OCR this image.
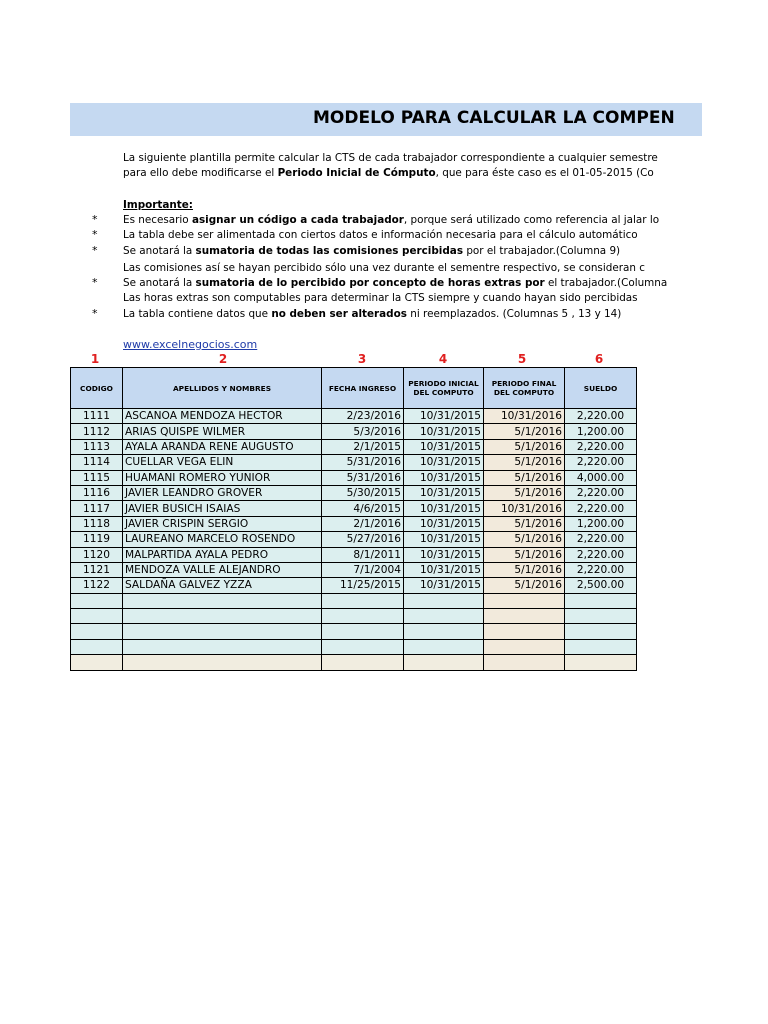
MODELO PARA CALCULAR LA COMPEN
La siguiente plantilla permite calcular la CTS de cada trabajador correspondiente a cualquier semestre
para ello debe modificarse el Periodo Inicial de Cómputo, que para éste caso es el 01-05-2015 (Co
Importante:
* Es necesario asignar un código a cada trabajador, porque será utilizado como referencia al jalar lo
* La tabla debe ser alimentada con ciertos datos e información necesaria para el cálculo automático
* Se anotará la sumatoria de todas las comisiones percibidas por el trabajador.(Columna 9)
Las comisiones así se hayan percibido sólo una vez durante el sementre respectivo, se consideran c
* Se anotará la sumatoria de lo percibido por concepto de horas extras por el trabajador.(Columna
Las horas extras son computables para determinar la CTS siempre y cuando hayan sido percibidas
* La tabla contiene datos que no deben ser alterados ni reemplazados. (Columnas 5 , 13 y 14)
www.excelnegocios.com
1	2	3	4	5	6
CODIGO	APELLIDOS Y NOMBRES	FECHA INGRESO	PERIODO INICIAL DEL COMPUTO	PERIODO FINAL DEL COMPUTO	SUELDO
1111	ASCANOA MENDOZA HECTOR	2/23/2016	10/31/2015	10/31/2016	2,220.00
1112	ARIAS QUISPE WILMER	5/3/2016	10/31/2015	5/1/2016	1,200.00
1113	AYALA ARANDA RENE AUGUSTO	2/1/2015	10/31/2015	5/1/2016	2,220.00
1114	CUELLAR VEGA ELIN	5/31/2016	10/31/2015	5/1/2016	2,220.00
1115	HUAMANI ROMERO YUNIOR	5/31/2016	10/31/2015	5/1/2016	4,000.00
1116	JAVIER LEANDRO GROVER	5/30/2015	10/31/2015	5/1/2016	2,220.00
1117	JAVIER BUSICH ISAIAS	4/6/2015	10/31/2015	10/31/2016	2,220.00
1118	JAVIER CRISPIN SERGIO	2/1/2016	10/31/2015	5/1/2016	1,200.00
1119	LAUREANO MARCELO ROSENDO	5/27/2016	10/31/2015	5/1/2016	2,220.00
1120	MALPARTIDA AYALA PEDRO	8/1/2011	10/31/2015	5/1/2016	2,220.00
1121	MENDOZA VALLE ALEJANDRO	7/1/2004	10/31/2015	5/1/2016	2,220.00
1122	SALDAÑA GALVEZ YZZA	11/25/2015	10/31/2015	5/1/2016	2,500.00
